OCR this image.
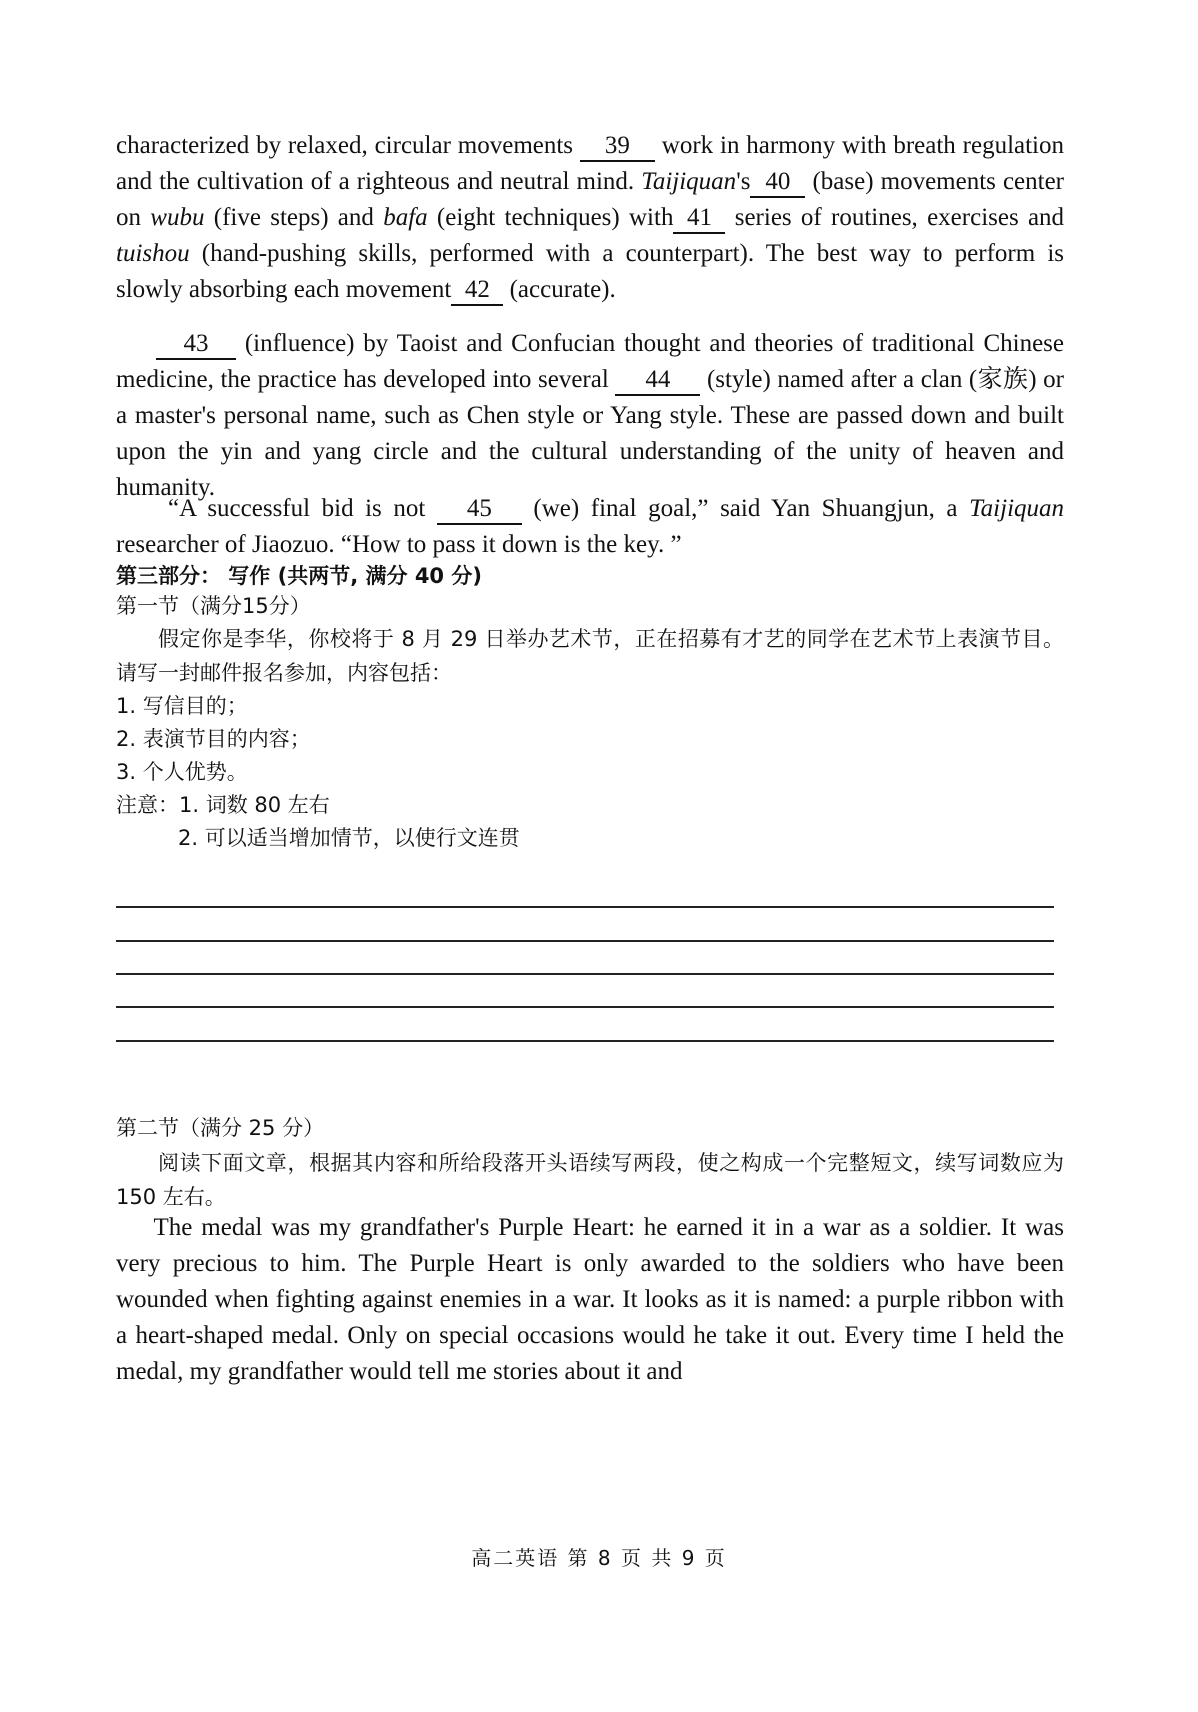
characterized by relaxed, circular movements 39 work in harmony with breath regulation and the cultivation of a righteous and neutral mind. Taijiquan's 40 (base) movements center on wubu (five steps) and bafa (eight techniques) with 41 series of routines, exercises and tuishou (hand-pushing skills, performed with a counterpart). The best way to perform is slowly absorbing each movement 42 (accurate).
43 (influence) by Taoist and Confucian thought and theories of traditional Chinese medicine, the practice has developed into several 44 (style) named after a clan (家族) or a master's personal name, such as Chen style or Yang style. These are passed down and built upon the yin and yang circle and the cultural understanding of the unity of heaven and humanity.
“A successful bid is not 45 (we) final goal,” said Yan Shuangjun, a Taijiquan researcher of Jiaozuo. “How to pass it down is the key. ”
第三部分： 写作 (共两节, 满分 40 分)
第一节（满分15分）
假定你是李华，你校将于 8 月 29 日举办艺术节，正在招募有才艺的同学在艺术节上表演节目。请写一封邮件报名参加，内容包括：
1. 写信目的；
2. 表演节目的内容；
3. 个人优势。
注意：1. 词数 80 左右
2. 可以适当增加情节，以使行文连贯
第二节（满分 25 分）
阅读下面文章，根据其内容和所给段落开头语续写两段，使之构成一个完整短文，续写词数应为 150 左右。
The medal was my grandfather's Purple Heart: he earned it in a war as a soldier. It was very precious to him. The Purple Heart is only awarded to the soldiers who have been wounded when fighting against enemies in a war. It looks as it is named: a purple ribbon with a heart-shaped medal. Only on special occasions would he take it out. Every time I held the medal, my grandfather would tell me stories about it and
高二英语 第 8 页 共 9 页
